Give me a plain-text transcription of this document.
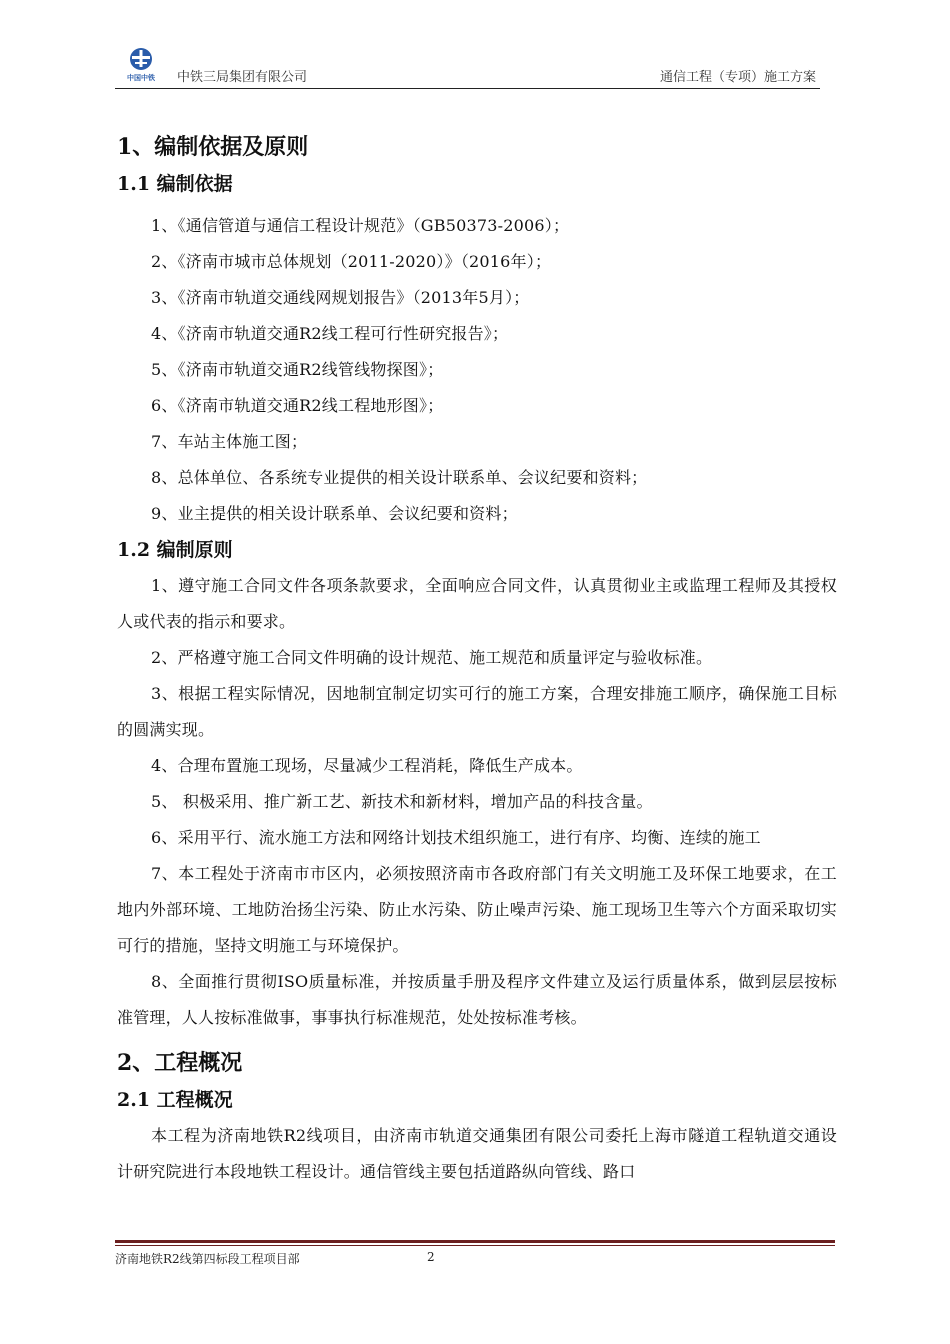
中国中铁 中铁三局集团有限公司	通信工程（专项）施工方案
1、编制依据及原则
1.1 编制依据

1、《通信管道与通信工程设计规范》（GB50373-2006）；

2、《济南市城市总体规划（2011-2020）》（2016年）；

3、《济南市轨道交通线网规划报告》（2013年5月）；

4、《济南市轨道交通R2线工程可行性研究报告》；

5、《济南市轨道交通R2线管线物探图》；

6、《济南市轨道交通R2线工程地形图》；

7、车站主体施工图；

8、总体单位、各系统专业提供的相关设计联系单、会议纪要和资料；

9、业主提供的相关设计联系单、会议纪要和资料；

1.2 编制原则

1、遵守施工合同文件各项条款要求，全面响应合同文件，认真贯彻业主或监理工程师及其授权人或代表的指示和要求。

2、严格遵守施工合同文件明确的设计规范、施工规范和质量评定与验收标准。

3、根据工程实际情况，因地制宜制定切实可行的施工方案，合理安排施工顺序，确保施工目标的圆满实现。

4、合理布置施工现场，尽量减少工程消耗，降低生产成本。

5、 积极采用、推广新工艺、新技术和新材料，增加产品的科技含量。

6、采用平行、流水施工方法和网络计划技术组织施工，进行有序、均衡、连续的施工

7、本工程处于济南市市区内，必须按照济南市各政府部门有关文明施工及环保工地要求，在工地内外部环境、工地防治扬尘污染、防止水污染、防止噪声污染、施工现场卫生等六个方面采取切实可行的措施，坚持文明施工与环境保护。

8、全面推行贯彻ISO质量标准，并按质量手册及程序文件建立及运行质量体系，做到层层按标准管理，人人按标准做事，事事执行标准规范，处处按标准考核。

2、工程概况
2.1 工程概况

本工程为济南地铁R2线项目，由济南市轨道交通集团有限公司委托上海市隧道工程轨道交通设计研究院进行本段地铁工程设计。通信管线主要包括道路纵向管线、路口

济南地铁R2线第四标段工程项目部	2
